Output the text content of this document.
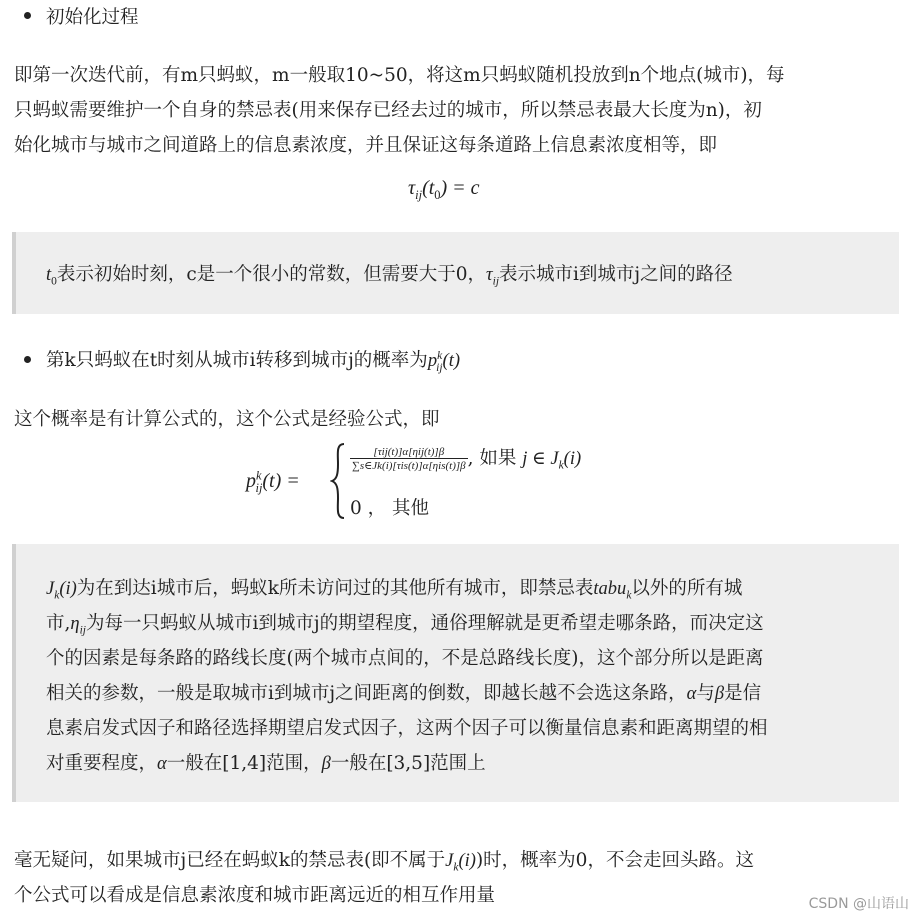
初始化过程
即第一次迭代前，有m只蚂蚁，m一般取10~50，将这m只蚂蚁随机投放到n个地点(城市)，每
只蚂蚁需要维护一个自身的禁忌表(用来保存已经去过的城市，所以禁忌表最大长度为n)，初
始化城市与城市之间道路上的信息素浓度，并且保证这每条道路上信息素浓度相等，即
$\tau_{ij}(t_0) = c$
$t_0$表示初始时刻，c是一个很小的常数，但需要大于0，$\tau_{ij}$表示城市i到城市j之间的路径
第k只蚂蚁在t时刻从城市i转移到城市j的概率为$p^k_{ij}(t)$
这个概率是有计算公式的，这个公式是经验公式，即
$p^k_{ij}(t)$ =
$\frac{\text{[τij(t)]α[ηij(t)]β}}{\text{∑s∈Jk(i)[τis(t)]α[ηis(t)]β}}$ , 如果 j ∈ $J_k(i)$
0 ， 其他
$J_k(i)$为在到达i城市后，蚂蚁k所未访问过的其他所有城市，即禁忌表tabu$_k$以外的所有城
市$,\eta_{ij}$为每一只蚂蚁从城市i到城市j的期望程度，通俗理解就是更希望走哪条路，而决定这
个的因素是每条路的路线长度(两个城市点间的，不是总路线长度)，这个部分所以是距离
相关的参数，一般是取城市i到城市j之间距离的倒数，即越长越不会选这条路，α与β是信
息素启发式因子和路径选择期望启发式因子，这两个因子可以衡量信息素和距离期望的相
对重要程度，α一般在[1,4]范围，β一般在[3,5]范围上
毫无疑问，如果城市j已经在蚂蚁k的禁忌表(即不属于$J_k(i)$)时，概率为0，不会走回头路。这
个公式可以看成是信息素浓度和城市距离远近的相互作用量	CSDN @山语山
